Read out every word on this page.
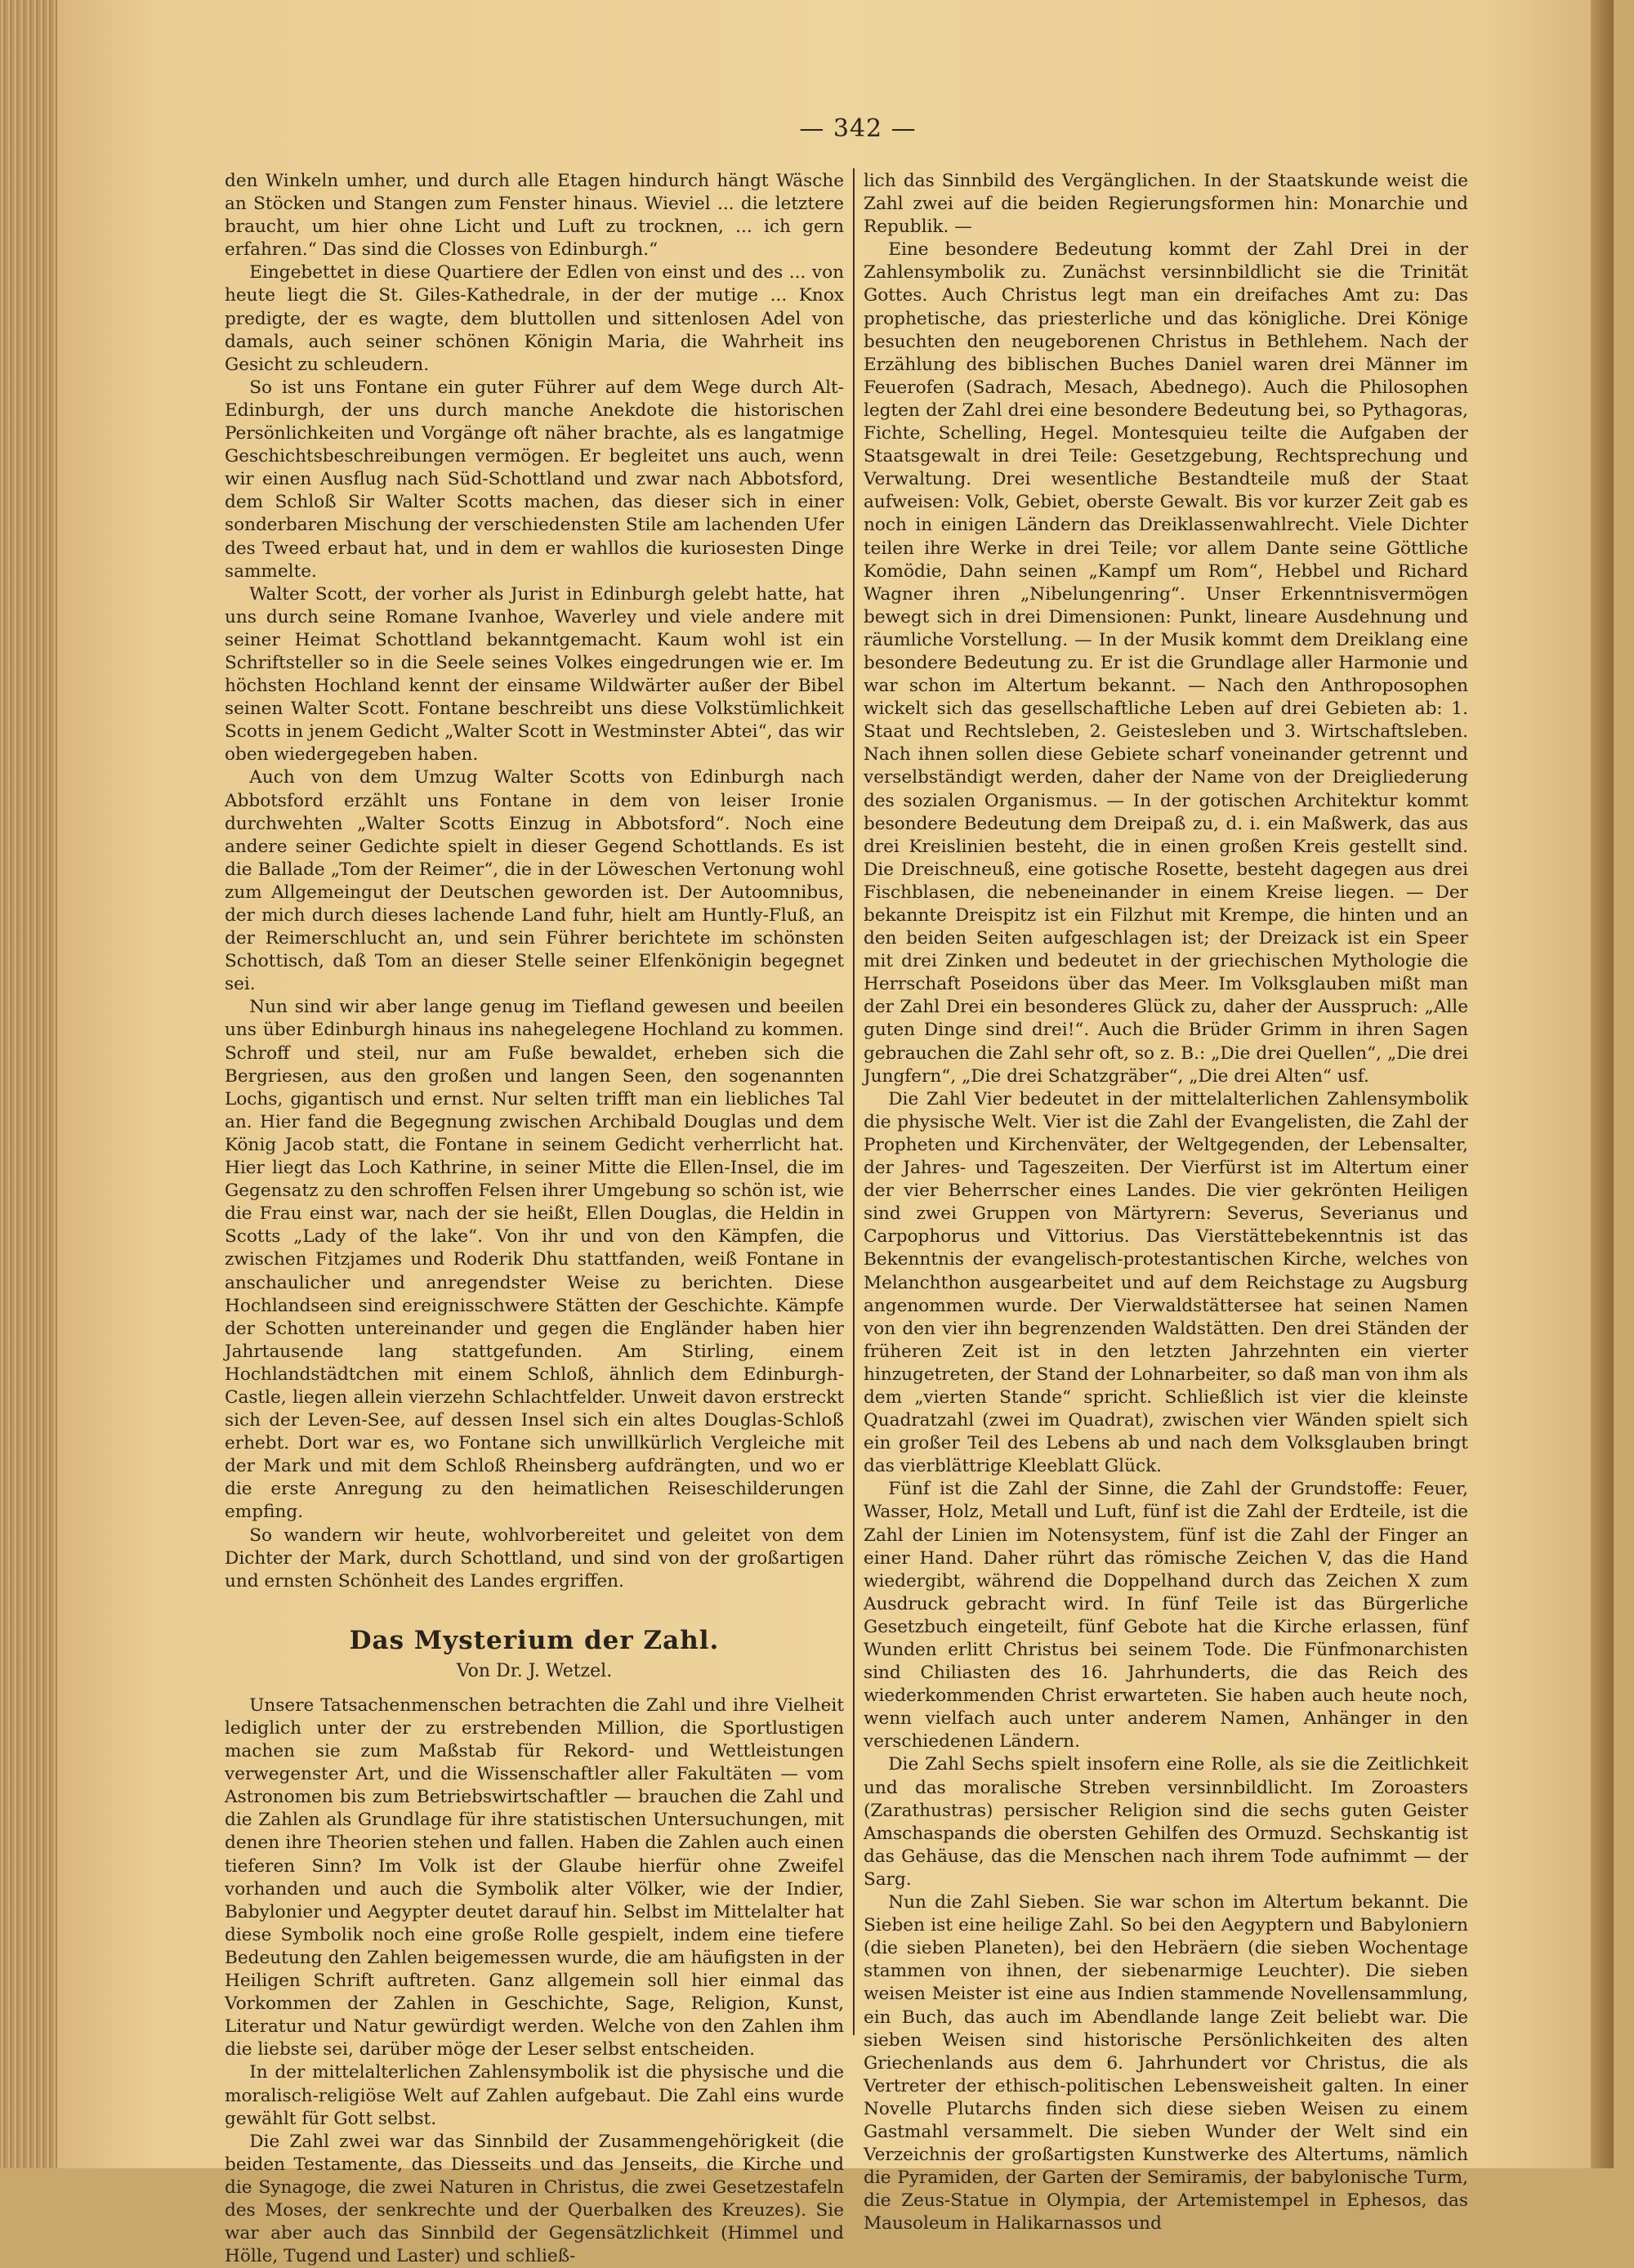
— 342 —

den Winkeln umher, und durch alle Etagen hindurch hängt Wäsche an Stöcken und Stangen zum Fenster hinaus. Wieviel ... die letztere braucht, um hier ohne Licht und Luft zu trocknen, ... ich gern erfahren.“ Das sind die Closses von Edinburgh.“

Eingebettet in diese Quartiere der Edlen von einst und des ... von heute liegt die St. Giles-Kathedrale, in der der mutige ... Knox predigte, der es wagte, dem bluttollen und sittenlosen Adel von damals, auch seiner schönen Königin Maria, die Wahrheit ins Gesicht zu schleudern.

So ist uns Fontane ein guter Führer auf dem Wege durch Alt-Edinburgh, der uns durch manche Anekdote die historischen Persönlichkeiten und Vorgänge oft näher brachte, als es langatmige Geschichtsbeschreibungen vermögen. Er begleitet uns auch, wenn wir einen Ausflug nach Süd-Schottland und zwar nach Abbotsford, dem Schloß Sir Walter Scotts machen, das dieser sich in einer sonderbaren Mischung der verschiedensten Stile am lachenden Ufer des Tweed erbaut hat, und in dem er wahllos die kuriosesten Dinge sammelte.

Walter Scott, der vorher als Jurist in Edinburgh gelebt hatte, hat uns durch seine Romane Ivanhoe, Waverley und viele andere mit seiner Heimat Schottland bekanntgemacht. Kaum wohl ist ein Schriftsteller so in die Seele seines Volkes eingedrungen wie er. Im höchsten Hochland kennt der einsame Wildwärter außer der Bibel seinen Walter Scott. Fontane beschreibt uns diese Volkstümlichkeit Scotts in jenem Gedicht „Walter Scott in Westminster Abtei“, das wir oben wiedergegeben haben.

Auch von dem Umzug Walter Scotts von Edinburgh nach Abbotsford erzählt uns Fontane in dem von leiser Ironie durchwehten „Walter Scotts Einzug in Abbotsford“. Noch eine andere seiner Gedichte spielt in dieser Gegend Schottlands. Es ist die Ballade „Tom der Reimer“, die in der Löweschen Vertonung wohl zum Allgemeingut der Deutschen geworden ist. Der Autoomnibus, der mich durch dieses lachende Land fuhr, hielt am Huntly-Fluß, an der Reimerschlucht an, und sein Führer berichtete im schönsten Schottisch, daß Tom an dieser Stelle seiner Elfenkönigin begegnet sei.

Nun sind wir aber lange genug im Tiefland gewesen und beeilen uns über Edinburgh hinaus ins nahegelegene Hochland zu kommen. Schroff und steil, nur am Fuße bewaldet, erheben sich die Bergriesen, aus den großen und langen Seen, den sogenannten Lochs, gigantisch und ernst. Nur selten trifft man ein liebliches Tal an. Hier fand die Begegnung zwischen Archibald Douglas und dem König Jacob statt, die Fontane in seinem Gedicht verherrlicht hat. Hier liegt das Loch Kathrine, in seiner Mitte die Ellen-Insel, die im Gegensatz zu den schroffen Felsen ihrer Umgebung so schön ist, wie die Frau einst war, nach der sie heißt, Ellen Douglas, die Heldin in Scotts „Lady of the lake“. Von ihr und von den Kämpfen, die zwischen Fitzjames und Roderik Dhu stattfanden, weiß Fontane in anschaulicher und anregendster Weise zu berichten. Diese Hochlandseen sind ereignisschwere Stätten der Geschichte. Kämpfe der Schotten untereinander und gegen die Engländer haben hier Jahrtausende lang stattgefunden. Am Stirling, einem Hochlandstädtchen mit einem Schloß, ähnlich dem Edinburgh-Castle, liegen allein vierzehn Schlachtfelder. Unweit davon erstreckt sich der Leven-See, auf dessen Insel sich ein altes Douglas-Schloß erhebt. Dort war es, wo Fontane sich unwillkürlich Vergleiche mit der Mark und mit dem Schloß Rheinsberg aufdrängten, und wo er die erste Anregung zu den heimatlichen Reiseschilderungen empfing.

So wandern wir heute, wohlvorbereitet und geleitet von dem Dichter der Mark, durch Schottland, und sind von der großartigen und ernsten Schönheit des Landes ergriffen.

Das Mysterium der Zahl.
Von Dr. J. Wetzel.

Unsere Tatsachenmenschen betrachten die Zahl und ihre Vielheit lediglich unter der zu erstrebenden Million, die Sportlustigen machen sie zum Maßstab für Rekord- und Wettleistungen verwegenster Art, und die Wissenschaftler aller Fakultäten — vom Astronomen bis zum Betriebswirtschaftler — brauchen die Zahl und die Zahlen als Grundlage für ihre statistischen Untersuchungen, mit denen ihre Theorien stehen und fallen. Haben die Zahlen auch einen tieferen Sinn? Im Volk ist der Glaube hierfür ohne Zweifel vorhanden und auch die Symbolik alter Völker, wie der Indier, Babylonier und Aegypter deutet darauf hin. Selbst im Mittelalter hat diese Symbolik noch eine große Rolle gespielt, indem eine tiefere Bedeutung den Zahlen beigemessen wurde, die am häufigsten in der Heiligen Schrift auftreten. Ganz allgemein soll hier einmal das Vorkommen der Zahlen in Geschichte, Sage, Religion, Kunst, Literatur und Natur gewürdigt werden. Welche von den Zahlen ihm die liebste sei, darüber möge der Leser selbst entscheiden.

In der mittelalterlichen Zahlensymbolik ist die physische und die moralisch-religiöse Welt auf Zahlen aufgebaut. Die Zahl eins wurde gewählt für Gott selbst.

Die Zahl zwei war das Sinnbild der Zusammengehörigkeit (die beiden Testamente, das Diesseits und das Jenseits, die Kirche und die Synagoge, die zwei Naturen in Christus, die zwei Gesetzestafeln des Moses, der senkrechte und der Querbalken des Kreuzes). Sie war aber auch das Sinnbild der Gegensätzlichkeit (Himmel und Hölle, Tugend und Laster) und schließ-

lich das Sinnbild des Vergänglichen. In der Staatskunde weist die Zahl zwei auf die beiden Regierungsformen hin: Monarchie und Republik. —

Eine besondere Bedeutung kommt der Zahl Drei in der Zahlensymbolik zu. Zunächst versinnbildlicht sie die Trinität Gottes. Auch Christus legt man ein dreifaches Amt zu: Das prophetische, das priesterliche und das königliche. Drei Könige besuchten den neugeborenen Christus in Bethlehem. Nach der Erzählung des biblischen Buches Daniel waren drei Männer im Feuerofen (Sadrach, Mesach, Abednego). Auch die Philosophen legten der Zahl drei eine besondere Bedeutung bei, so Pythagoras, Fichte, Schelling, Hegel. Montesquieu teilte die Aufgaben der Staatsgewalt in drei Teile: Gesetzgebung, Rechtsprechung und Verwaltung. Drei wesentliche Bestandteile muß der Staat aufweisen: Volk, Gebiet, oberste Gewalt. Bis vor kurzer Zeit gab es noch in einigen Ländern das Dreiklassenwahlrecht. Viele Dichter teilen ihre Werke in drei Teile; vor allem Dante seine Göttliche Komödie, Dahn seinen „Kampf um Rom“, Hebbel und Richard Wagner ihren „Nibelungenring“. Unser Erkenntnisvermögen bewegt sich in drei Dimensionen: Punkt, lineare Ausdehnung und räumliche Vorstellung. — In der Musik kommt dem Dreiklang eine besondere Bedeutung zu. Er ist die Grundlage aller Harmonie und war schon im Altertum bekannt. — Nach den Anthroposophen wickelt sich das gesellschaftliche Leben auf drei Gebieten ab: 1. Staat und Rechtsleben, 2. Geistesleben und 3. Wirtschaftsleben. Nach ihnen sollen diese Gebiete scharf voneinander getrennt und verselbständigt werden, daher der Name von der Dreigliederung des sozialen Organismus. — In der gotischen Architektur kommt besondere Bedeutung dem Dreipaß zu, d. i. ein Maßwerk, das aus drei Kreislinien besteht, die in einen großen Kreis gestellt sind. Die Dreischneuß, eine gotische Rosette, besteht dagegen aus drei Fischblasen, die nebeneinander in einem Kreise liegen. — Der bekannte Dreispitz ist ein Filzhut mit Krempe, die hinten und an den beiden Seiten aufgeschlagen ist; der Dreizack ist ein Speer mit drei Zinken und bedeutet in der griechischen Mythologie die Herrschaft Poseidons über das Meer. Im Volksglauben mißt man der Zahl Drei ein besonderes Glück zu, daher der Ausspruch: „Alle guten Dinge sind drei!“. Auch die Brüder Grimm in ihren Sagen gebrauchen die Zahl sehr oft, so z. B.: „Die drei Quellen“, „Die drei Jungfern“, „Die drei Schatzgräber“, „Die drei Alten“ usf.

Die Zahl Vier bedeutet in der mittelalterlichen Zahlensymbolik die physische Welt. Vier ist die Zahl der Evangelisten, die Zahl der Propheten und Kirchenväter, der Weltgegenden, der Lebensalter, der Jahres- und Tageszeiten. Der Vierfürst ist im Altertum einer der vier Beherrscher eines Landes. Die vier gekrönten Heiligen sind zwei Gruppen von Märtyrern: Severus, Severianus und Carpophorus und Vittorius. Das Vierstättebekenntnis ist das Bekenntnis der evangelisch-protestantischen Kirche, welches von Melanchthon ausgearbeitet und auf dem Reichstage zu Augsburg angenommen wurde. Der Vierwaldstättersee hat seinen Namen von den vier ihn begrenzenden Waldstätten. Den drei Ständen der früheren Zeit ist in den letzten Jahrzehnten ein vierter hinzugetreten, der Stand der Lohnarbeiter, so daß man von ihm als dem „vierten Stande“ spricht. Schließlich ist vier die kleinste Quadratzahl (zwei im Quadrat), zwischen vier Wänden spielt sich ein großer Teil des Lebens ab und nach dem Volksglauben bringt das vierblättrige Kleeblatt Glück.

Fünf ist die Zahl der Sinne, die Zahl der Grundstoffe: Feuer, Wasser, Holz, Metall und Luft, fünf ist die Zahl der Erdteile, ist die Zahl der Linien im Notensystem, fünf ist die Zahl der Finger an einer Hand. Daher rührt das römische Zeichen V, das die Hand wiedergibt, während die Doppelhand durch das Zeichen X zum Ausdruck gebracht wird. In fünf Teile ist das Bürgerliche Gesetzbuch eingeteilt, fünf Gebote hat die Kirche erlassen, fünf Wunden erlitt Christus bei seinem Tode. Die Fünfmonarchisten sind Chiliasten des 16. Jahrhunderts, die das Reich des wiederkommenden Christ erwarteten. Sie haben auch heute noch, wenn vielfach auch unter anderem Namen, Anhänger in den verschiedenen Ländern.

Die Zahl Sechs spielt insofern eine Rolle, als sie die Zeitlichkeit und das moralische Streben versinnbildlicht. Im Zoroasters (Zarathustras) persischer Religion sind die sechs guten Geister Amschaspands die obersten Gehilfen des Ormuzd. Sechskantig ist das Gehäuse, das die Menschen nach ihrem Tode aufnimmt — der Sarg.

Nun die Zahl Sieben. Sie war schon im Altertum bekannt. Die Sieben ist eine heilige Zahl. So bei den Aegyptern und Babyloniern (die sieben Planeten), bei den Hebräern (die sieben Wochentage stammen von ihnen, der siebenarmige Leuchter). Die sieben weisen Meister ist eine aus Indien stammende Novellensammlung, ein Buch, das auch im Abendlande lange Zeit beliebt war. Die sieben Weisen sind historische Persönlichkeiten des alten Griechenlands aus dem 6. Jahrhundert vor Christus, die als Vertreter der ethisch-politischen Lebensweisheit galten. In einer Novelle Plutarchs finden sich diese sieben Weisen zu einem Gastmahl versammelt. Die sieben Wunder der Welt sind ein Verzeichnis der großartigsten Kunstwerke des Altertums, nämlich die Pyramiden, der Garten der Semiramis, der babylonische Turm, die Zeus-Statue in Olympia, der Artemistempel in Ephesos, das Mausoleum in Halikarnassos und
